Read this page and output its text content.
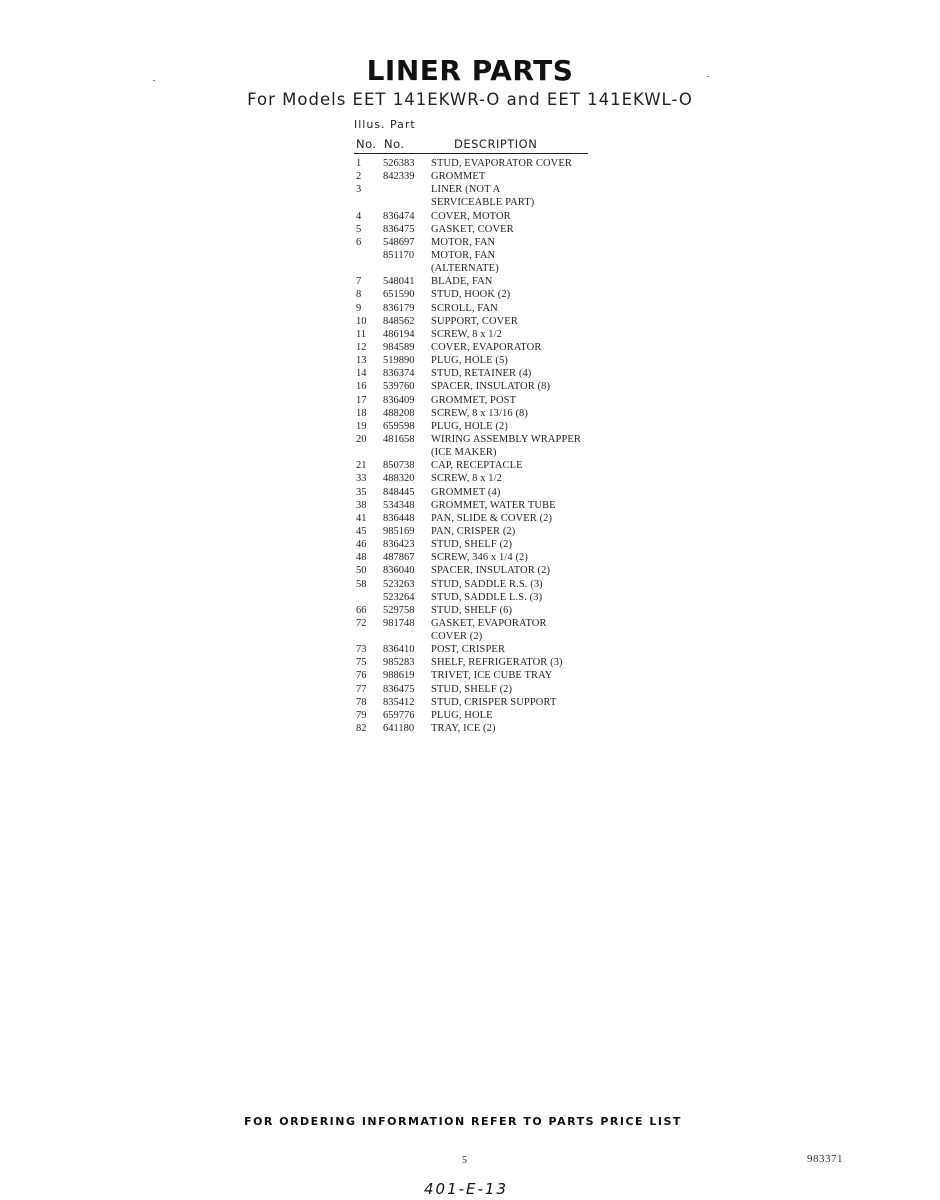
LINER PARTS
For Models EET 141EKWR-O and EET 141EKWL-O
Illus. Part
No. No.	DESCRIPTION
1	526383 STUD, EVAPORATOR COVER
2	842339 GROMMET
3	LINER (NOT A
SERVICEABLE PART)
4	836474 COVER, MOTOR
5	836475 GASKET, COVER
6	548697 MOTOR, FAN
851170 MOTOR, FAN
(ALTERNATE)
7	548041 BLADE, FAN
8	651590 STUD, HOOK (2)
9	836179 SCROLL, FAN
10	848562 SUPPORT, COVER
11	486194 SCREW, 8 x 1/2
12	984589 COVER, EVAPORATOR
13	519890 PLUG, HOLE (5)
14	836374 STUD, RETAINER (4)
16	539760 SPACER, INSULATOR (8)
17	836409 GROMMET, POST
18	488208 SCREW, 8 x 13/16 (8)
19	659598 PLUG, HOLE (2)
20	481658 WIRING ASSEMBLY WRAPPER
(ICE MAKER)
21	850738 CAP, RECEPTACLE
33	488320 SCREW, 8 x 1/2
35	848445 GROMMET (4)
38	534348 GROMMET, WATER TUBE
41	836448 PAN, SLIDE & COVER (2)
45	985169 PAN, CRISPER (2)
46	836423 STUD, SHELF (2)
48	487867 SCREW, 346 x 1/4 (2)
50	836040 SPACER, INSULATOR (2)
58	523263 STUD, SADDLE R.S. (3)
523264 STUD, SADDLE L.S. (3)
66	529758 STUD, SHELF (6)
72	981748 GASKET, EVAPORATOR
COVER (2)
73	836410 POST, CRISPER
75	985283 SHELF, REFRIGERATOR (3)
76	988619 TRIVET, ICE CUBE TRAY
77	836475 STUD, SHELF (2)
78	835412 STUD, CRISPER SUPPORT
79	659776 PLUG, HOLE
82	641180 TRAY, ICE (2)
FOR ORDERING INFORMATION REFER TO PARTS PRICE LIST
5	983371
401-E-13
